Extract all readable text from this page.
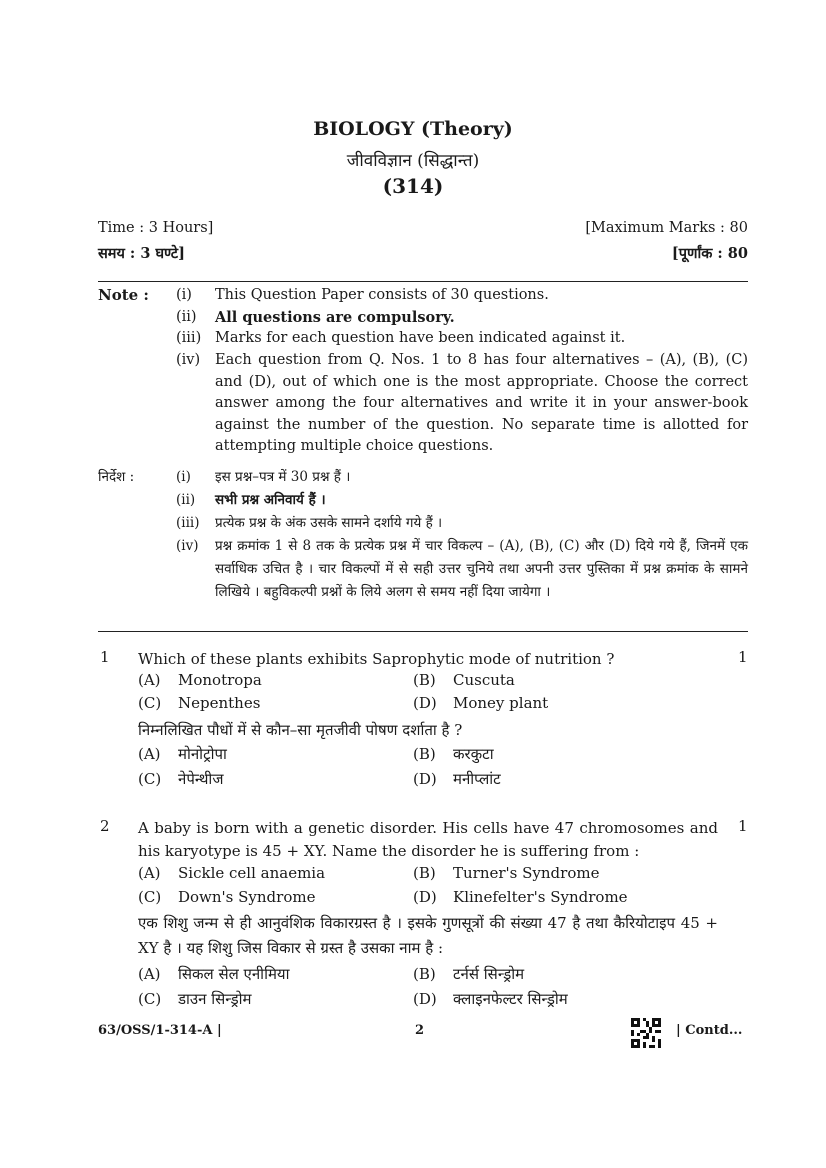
BIOLOGY (Theory)
जीवविज्ञान (सिद्धान्त)
(314)
Time : 3 Hours]
समय : 3 घण्टे]
[Maximum Marks : 80
[पूर्णांक : 80
Note : (i)	This Question Paper consists of 30 questions.
(ii)	All questions are compulsory.
(iii) Marks for each question have been indicated against it.
(iv)	Each question from Q. Nos. 1 to 8 has four alternatives – (A), (B), (C) and (D), out of which one is the most appropriate. Choose the correct answer among the four alternatives and write it in your answer-book against the number of the question. No separate time is allotted for attempting multiple choice questions.
निर्देश :	(i)	इस प्रश्न–पत्र में 30 प्रश्न हैं ।
(ii)	सभी प्रश्न अनिवार्य हैं ।
(iii)	प्रत्येक प्रश्न के अंक उसके सामने दर्शाये गये हैं ।
(iv)	प्रश्न क्रमांक 1 से 8 तक के प्रत्येक प्रश्न में चार विकल्प – (A), (B), (C) और (D) दिये गये हैं, जिनमें एक सर्वाधिक उचित है । चार विकल्पों में से सही उत्तर चुनिये तथा अपनी उत्तर पुस्तिका में प्रश्न क्रमांक के सामने लिखिये । बहुविकल्पी प्रश्नों के लिये अलग से समय नहीं दिया जायेगा ।
1	1
Which of these plants exhibits Saprophytic mode of nutrition ?
(A) Monotropa	(B) Cuscuta
(C) Nepenthes	(D) Money plant
निम्नलिखित पौधों में से कौन–सा मृतजीवी पोषण दर्शाता है ?
(A) मोनोट्रोपा	(B) करकुटा
(C) नेपेन्थीज	(D) मनीप्लांट
2	1
A baby is born with a genetic disorder. His cells have 47 chromosomes and his karyotype is 45 + XY. Name the disorder he is suffering from :
(A) Sickle cell anaemia	(B) Turner's Syndrome
(C) Down's Syndrome	(D) Klinefelter's Syndrome
एक शिशु जन्म से ही आनुवंशिक विकारग्रस्त है । इसके गुणसूत्रों की संख्या 47 है तथा कैरियोटाइप 45 + XY है । यह शिशु जिस विकार से ग्रस्त है उसका नाम है :
(A) सिकल सेल एनीमिया	(B) टर्नर्स सिन्ड्रोम
(C) डाउन सिन्ड्रोम	(D) क्लाइनफेल्टर सिन्ड्रोम
63/OSS/1-314-A |	2	| Contd...
